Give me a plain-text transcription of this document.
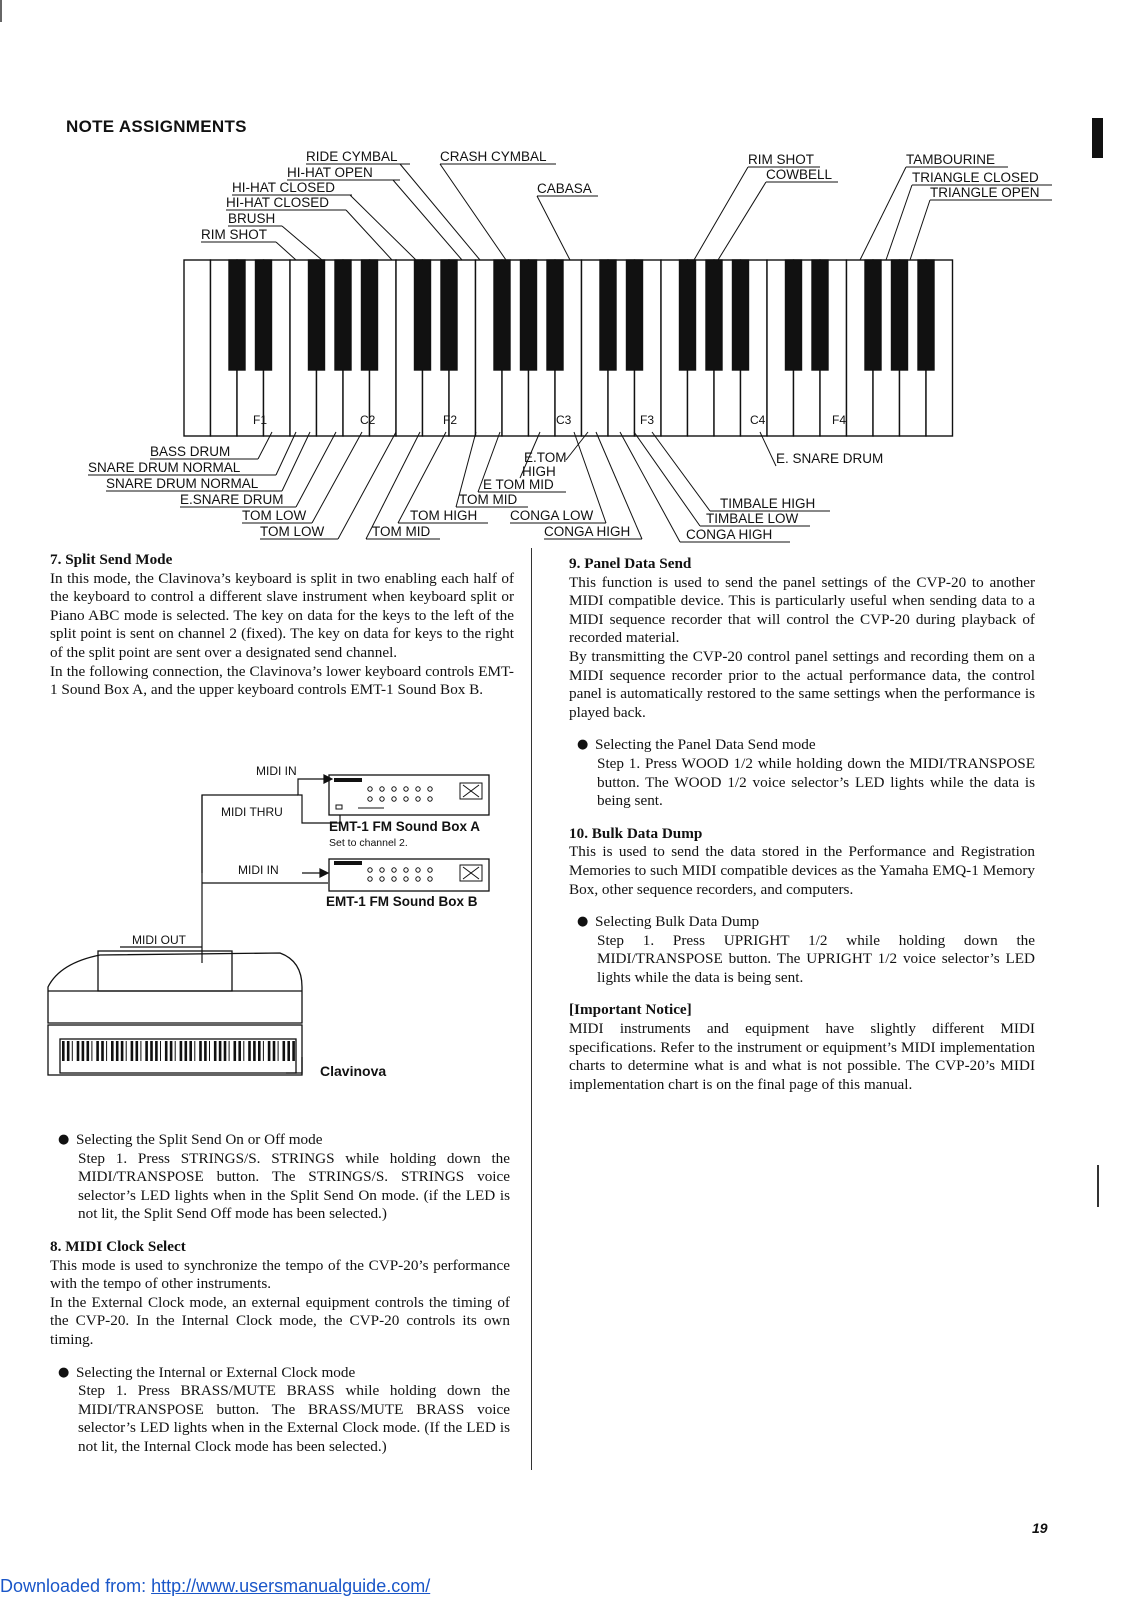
NOTE ASSIGNMENTS
RIDE CYMBAL
HI-HAT OPEN
HI-HAT CLOSED
HI-HAT CLOSED
BRUSH
RIM SHOT
CRASH CYMBAL
CABASA
RIM SHOT
COWBELL
TAMBOURINE
TRIANGLE CLOSED
TRIANGLE OPEN
F1	C2	F2	C3	F3	C4	F4
BASS DRUM
SNARE DRUM NORMAL
SNARE DRUM NORMAL
E.SNARE DRUM
TOM LOW
TOM LOW
TOM HIGH
TOM MID
E.TOM
HIGH
E TOM MID
TOM MID
CONGA LOW
CONGA HIGH
E. SNARE DRUM
TIMBALE HIGH
TIMBALE LOW
CONGA HIGH

7. Split Send Mode

In this mode, the Clavinova’s keyboard is split in two enabling each half of the keyboard to control a different slave instrument when keyboard split or Piano ABC mode is selected. The key on data for the keys to the left of the split point is sent on channel 2 (fixed). The key on data for keys to the right of the split point are sent over a designated send channel.

In the following connection, the Clavinova’s lower keyboard controls EMT-1 Sound Box A, and the upper keyboard controls EMT-1 Sound Box B.

MIDI IN
MIDI THRU
MIDI IN
MIDI OUT
EMT-1 FM Sound Box A
Set to channel 2.
EMT-1 FM Sound Box B
Clavinova
● Selecting the Split Send On or Off mode

Step 1. Press STRINGS/S. STRINGS while holding down the MIDI/TRANSPOSE button. The STRINGS/S. STRINGS voice selector’s LED lights when in the Split Send On mode. (if the LED is not lit, the Split Send Off mode has been selected.)

8. MIDI Clock Select

This mode is used to synchronize the tempo of the CVP-20’s performance with the tempo of other instruments.

In the External Clock mode, an external equipment controls the timing of the CVP-20. In the Internal Clock mode, the CVP-20 controls its own timing.

● Selecting the Internal or External Clock mode

Step 1. Press BRASS/MUTE BRASS while holding down the MIDI/TRANSPOSE button. The BRASS/MUTE BRASS voice selector’s LED lights when in the External Clock mode. (If the LED is not lit, the Internal Clock mode has been selected.)

9. Panel Data Send

This function is used to send the panel settings of the CVP-20 to another MIDI compatible device. This is particularly useful when sending data to a MIDI sequence recorder that will control the CVP-20 during playback of recorded material.

By transmitting the CVP-20 control panel settings and recording them on a MIDI sequence recorder prior to the actual performance data, the control panel is automatically restored to the same settings when the performance is played back.

● Selecting the Panel Data Send mode

Step 1. Press WOOD 1/2 while holding down the MIDI/TRANSPOSE button. The WOOD 1/2 voice selector’s LED lights while the data is being sent.

10. Bulk Data Dump

This is used to send the data stored in the Performance and Registration Memories to such MIDI compatible devices as the Yamaha EMQ-1 Memory Box, other sequence recorders, and computers.

● Selecting Bulk Data Dump

Step 1. Press UPRIGHT 1/2 while holding down the MIDI/TRANSPOSE button. The UPRIGHT 1/2 voice selector’s LED lights while the data is being sent.

[Important Notice]

MIDI instruments and equipment have slightly different MIDI specifications. Refer to the instrument or equipment’s MIDI implementation charts to determine what is and what is not possible. The CVP-20’s MIDI implementation chart is on the final page of this manual.

19
Downloaded from: http://www.usersmanualguide.com/
